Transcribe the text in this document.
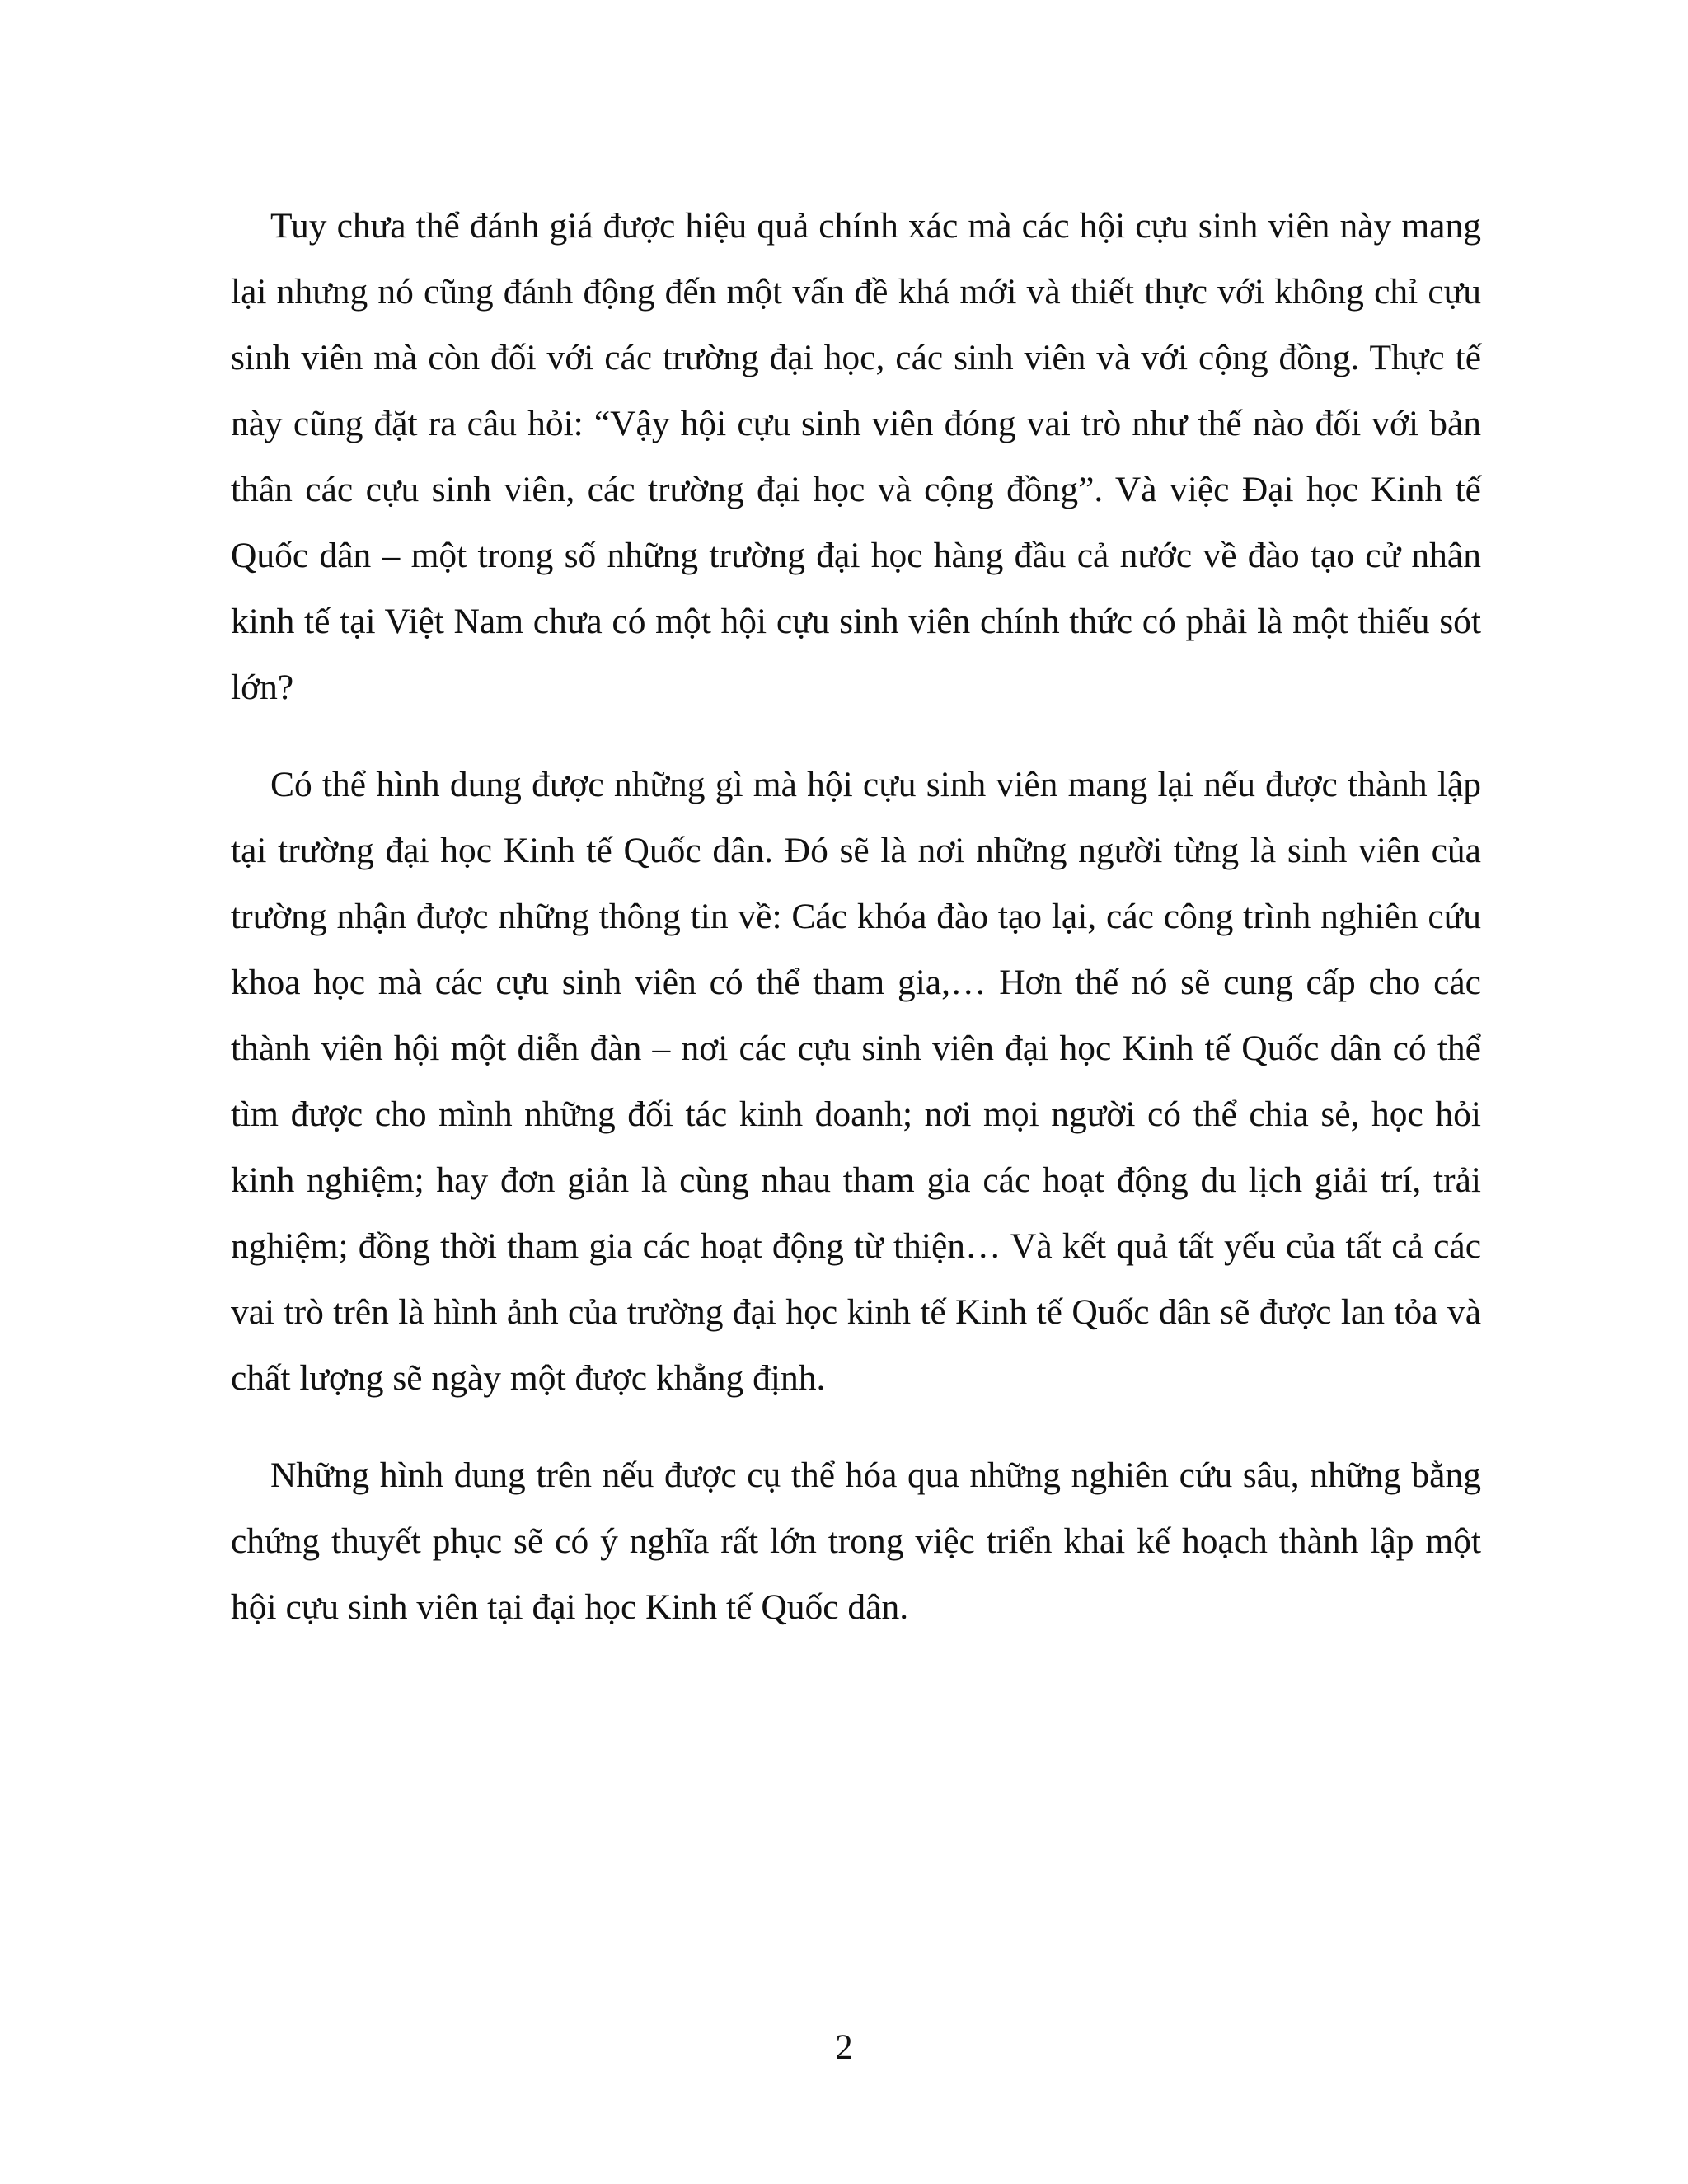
Tuy chưa thể đánh giá được hiệu quả chính xác mà các hội cựu sinh viên này mang lại nhưng nó cũng đánh động đến một vấn đề khá mới và thiết thực với không chỉ cựu sinh viên mà còn đối với các trường đại học, các sinh viên và với cộng đồng. Thực tế này cũng đặt ra câu hỏi: “Vậy hội cựu sinh viên đóng vai trò như thế nào đối với bản thân các cựu sinh viên, các trường đại học và cộng đồng”. Và việc Đại học Kinh tế Quốc dân – một trong số những trường đại học hàng đầu cả nước về đào tạo cử nhân kinh tế tại Việt Nam chưa có một hội cựu sinh viên chính thức có phải là một thiếu sót lớn?

Có thể hình dung được những gì mà hội cựu sinh viên mang lại nếu được thành lập tại trường đại học Kinh tế Quốc dân. Đó sẽ là nơi những người từng là sinh viên của trường nhận được những thông tin về: Các khóa đào tạo lại, các công trình nghiên cứu khoa học mà các cựu sinh viên có thể tham gia,… Hơn thế nó sẽ cung cấp cho các thành viên hội một diễn đàn – nơi các cựu sinh viên đại học Kinh tế Quốc dân có thể tìm được cho mình những đối tác kinh doanh; nơi mọi người có thể chia sẻ, học hỏi kinh nghiệm; hay đơn giản là cùng nhau tham gia các hoạt động du lịch giải trí, trải nghiệm; đồng thời tham gia các hoạt động từ thiện… Và kết quả tất yếu của tất cả các vai trò trên là hình ảnh của trường đại học kinh tế Kinh tế Quốc dân sẽ được lan tỏa và chất lượng sẽ ngày một được khẳng định.

Những hình dung trên nếu được cụ thể hóa qua những nghiên cứu sâu, những bằng chứng thuyết phục sẽ có ý nghĩa rất lớn trong việc triển khai kế hoạch thành lập một hội cựu sinh viên tại đại học Kinh tế Quốc dân.

2
